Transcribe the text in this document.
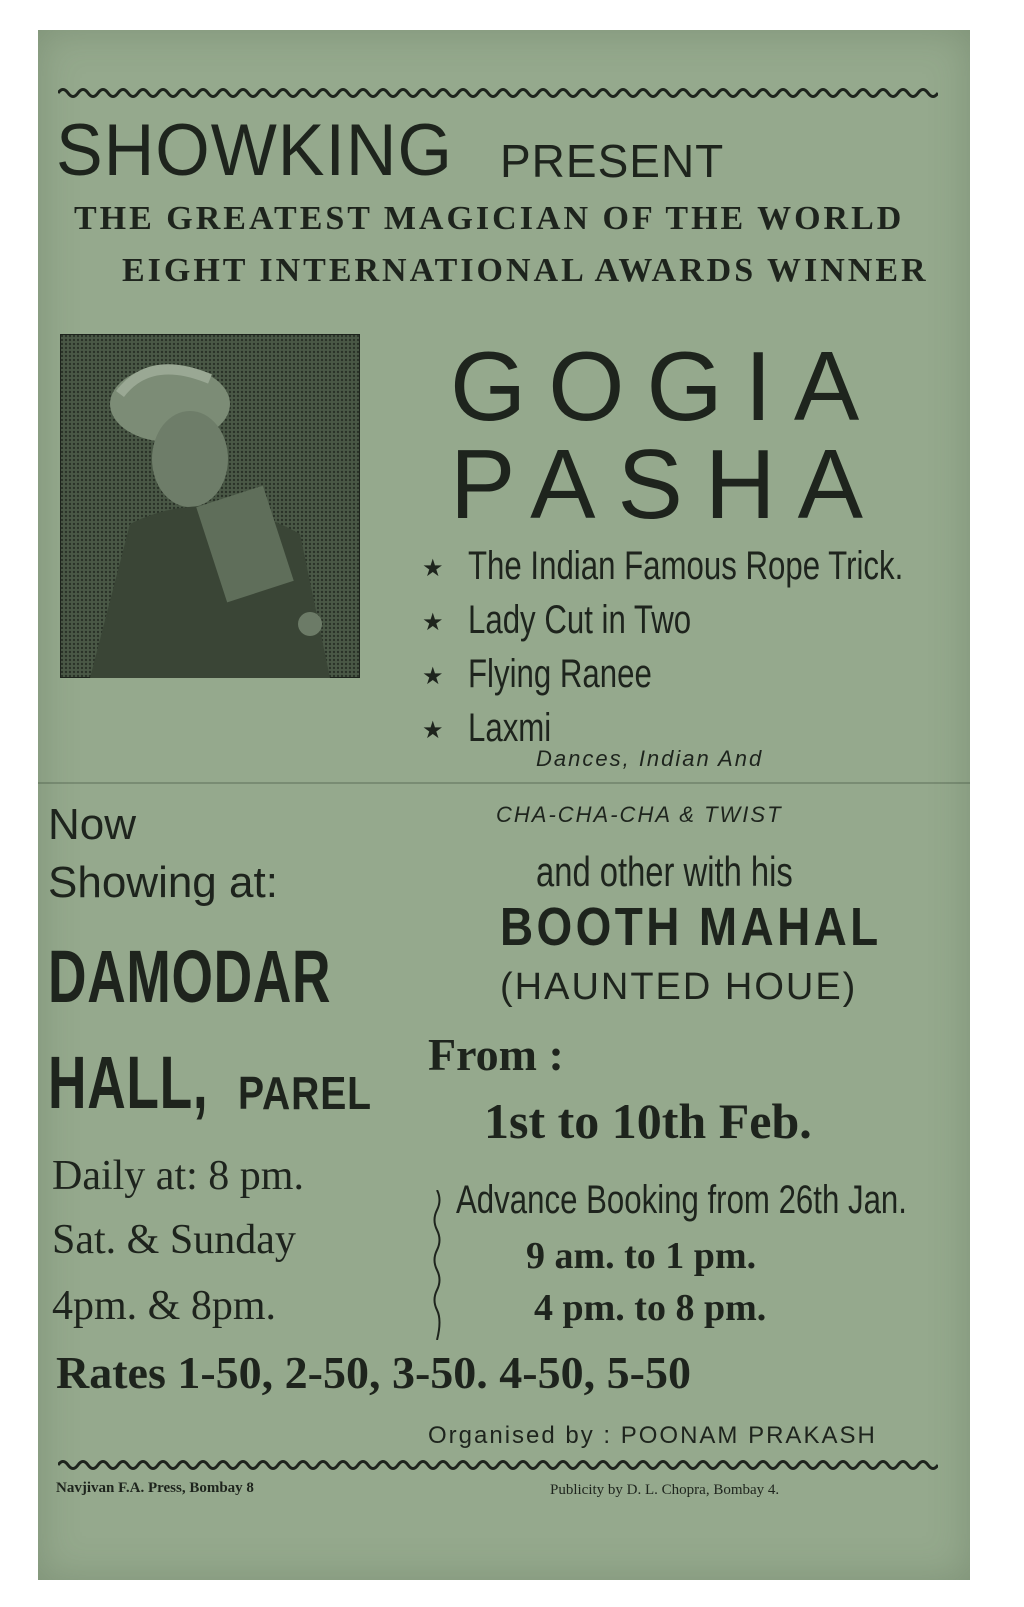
SHOWKING PRESENT
THE GREATEST MAGICIAN OF THE WORLD
EIGHT INTERNATIONAL AWARDS WINNER
GOGIA
PASHA
★ The Indian Famous Rope Trick.
★ Lady Cut in Two
★ Flying Ranee
★ Laxmi
Dances, Indian And
CHA-CHA-CHA & TWIST
and other with his
BOOTH MAHAL
(HAUNTED HOUE)
Now
Showing at:
DAMODAR
HALL, PAREL
From :
1st to 10th Feb.
Daily at: 8 pm.
Sat. & Sunday
4pm. & 8pm.
Advance Booking from 26th Jan.
9 am. to 1 pm.
4 pm. to 8 pm.
Rates 1-50, 2-50, 3-50. 4-50, 5-50
Organised by : POONAM PRAKASH
Navjivan F.A. Press, Bombay 8	Publicity by D. L. Chopra, Bombay 4.
